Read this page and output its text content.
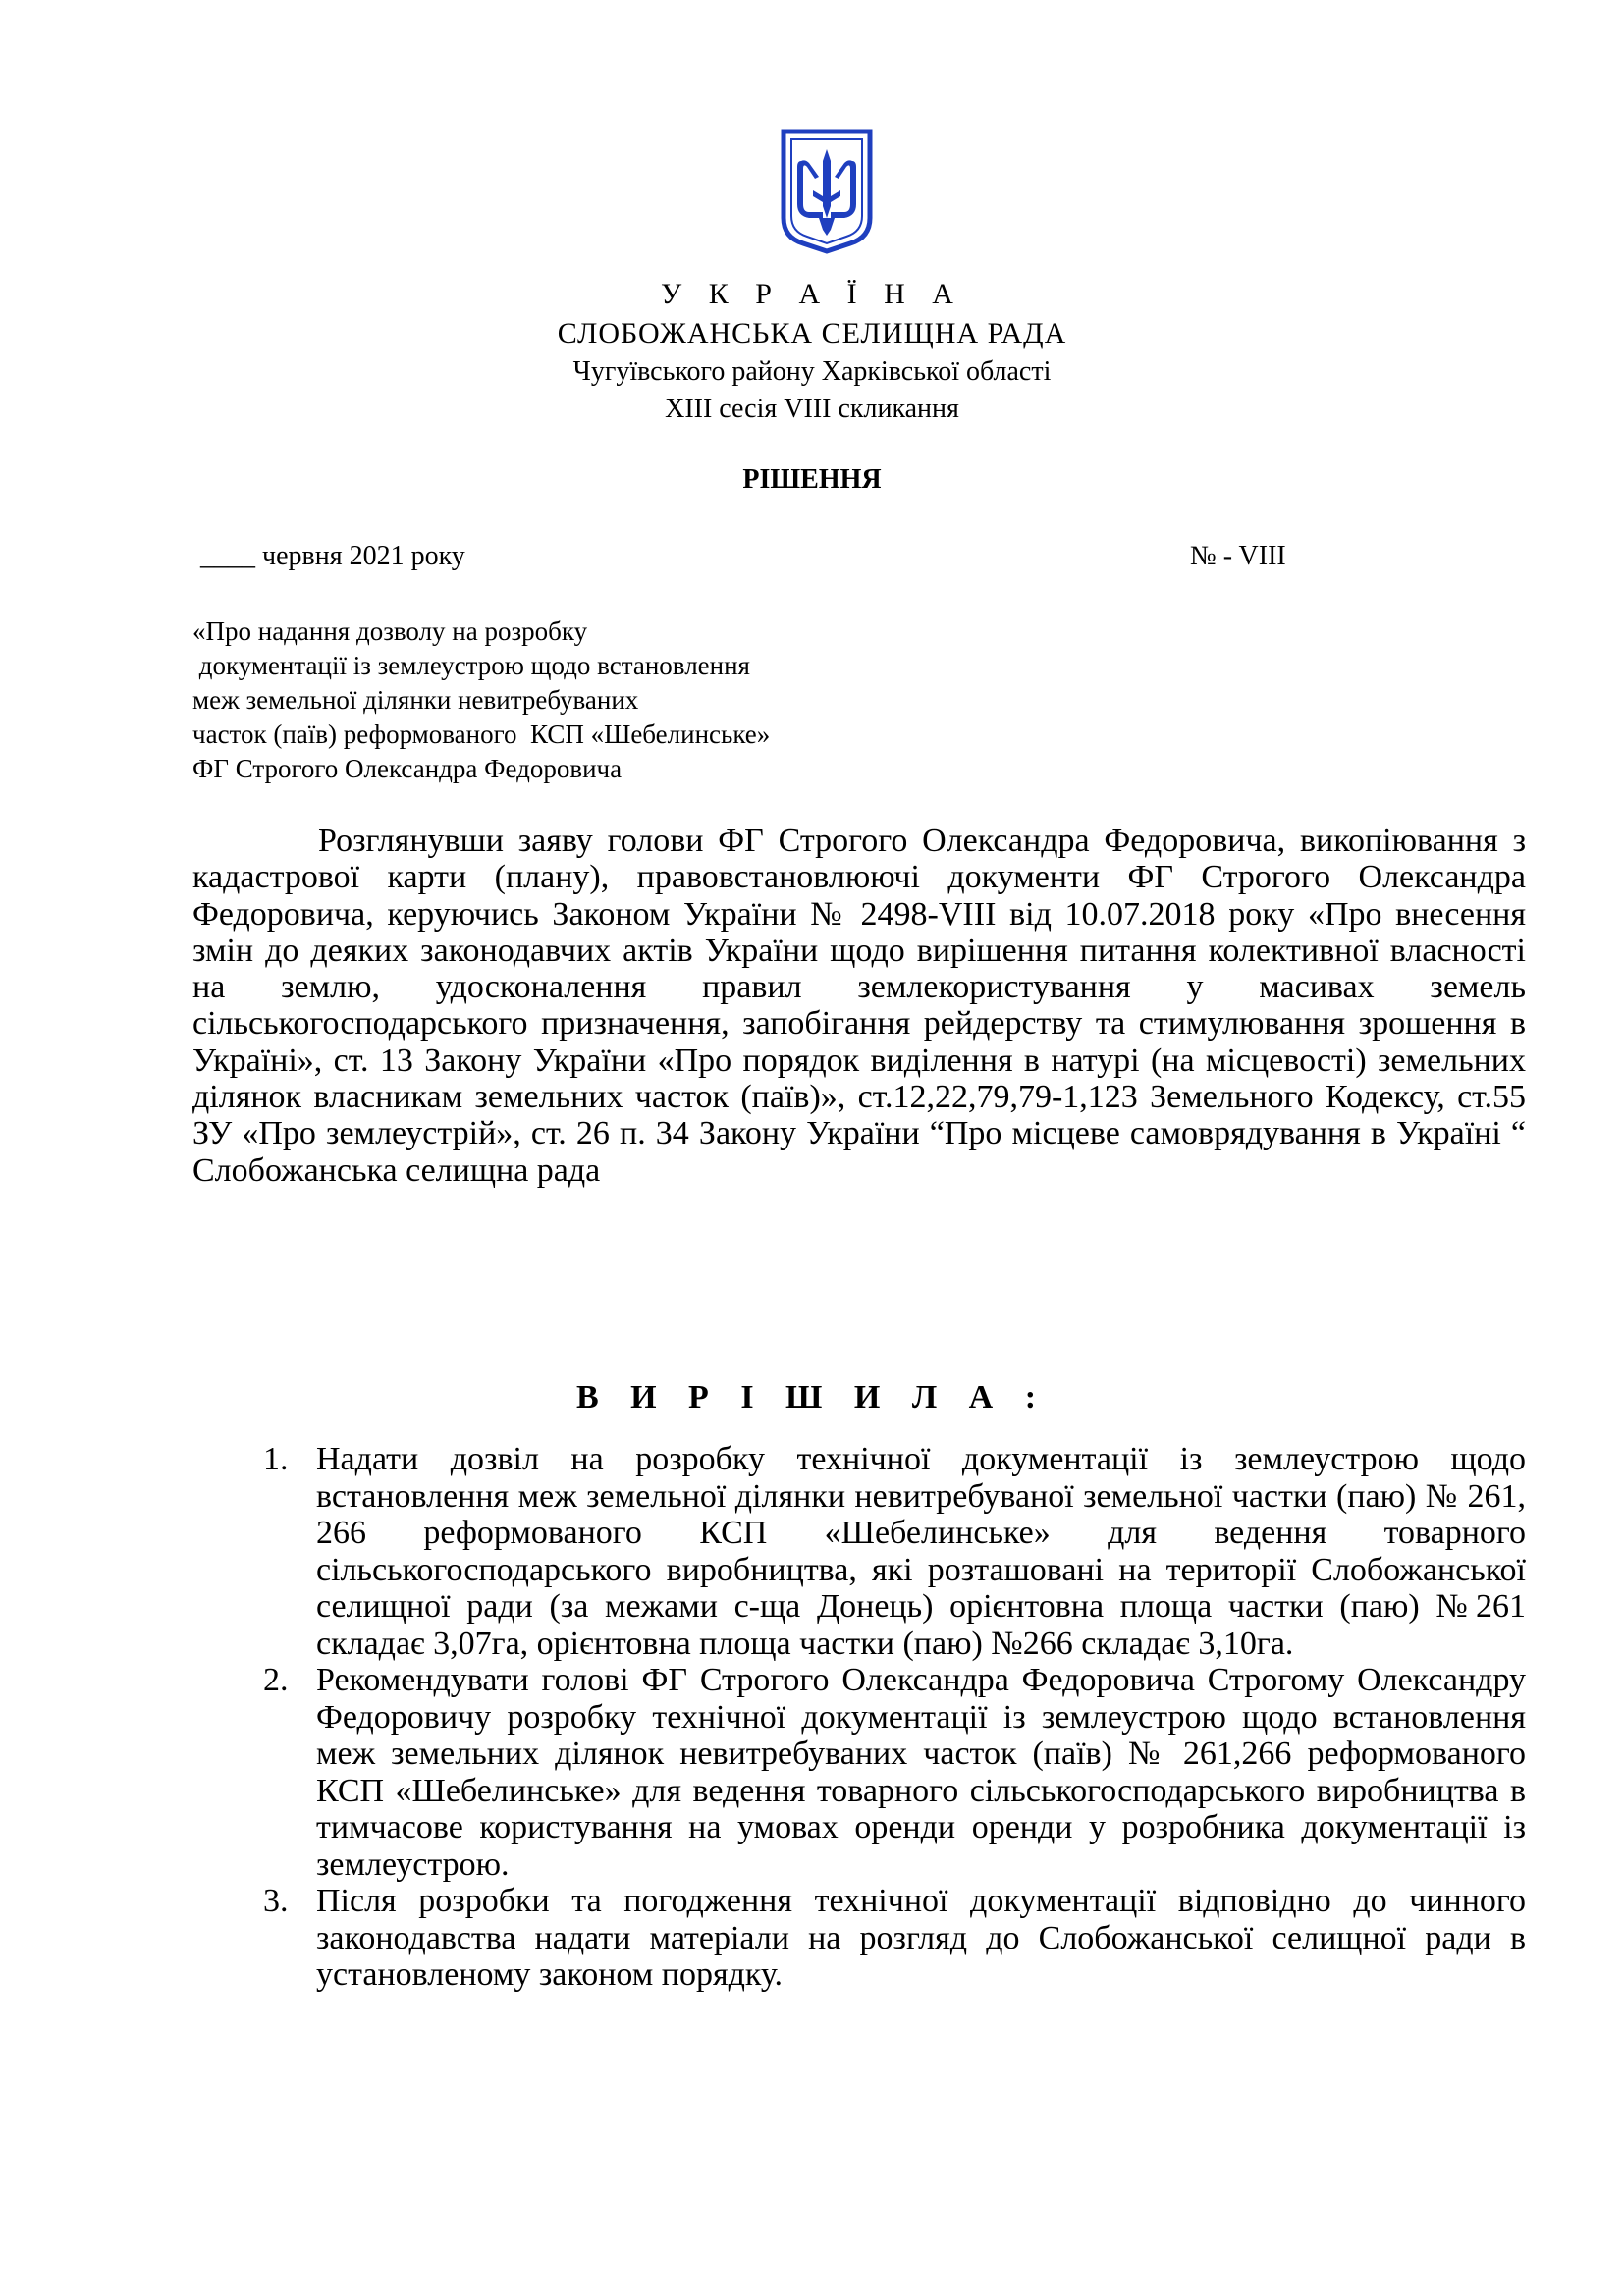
У К Р А Ї Н А
СЛОБОЖАНСЬКА СЕЛИЩНА РАДА
Чугуївського району Харківської області
ХIII сесія VIII скликання
РІШЕННЯ
____ червня 2021 року	№ - VIII
«Про надання дозволу на розробку
документації із землеустрою щодо встановлення
меж земельної ділянки невитребуваних
часток (паїв) реформованого  КСП «Шебелинське»
ФГ Строгого Олександра Федоровича
Розглянувши заяву голови ФГ Строгого Олександра Федоровича, викопіювання з кадастрової карти (плану), правовстановлюючі документи ФГ Строгого Олександра Федоровича, керуючись Законом України № 2498-VIII від 10.07.2018 року «Про внесення змін до деяких законодавчих актів України щодо вирішення питання колективної власності на землю, удосконалення правил землекористування у масивах земель сільськогосподарського призначення, запобігання рейдерству та стимулювання зрошення в Україні», ст. 13 Закону України «Про порядок виділення в натурі (на місцевості) земельних ділянок власникам земельних часток (паїв)», ст.12,22,79,79-1,123 Земельного Кодексу, ст.55 ЗУ «Про землеустрій», ст. 26 п. 34 Закону України “Про місцеве самоврядування в Україні “ Слобожанська селищна рада
В И Р І Ш И Л А :
1. Надати дозвіл на розробку технічної документації із землеустрою щодо встановлення меж земельної ділянки невитребуваної земельної частки (паю) № 261, 266 реформованого КСП «Шебелинське» для ведення товарного сільськогосподарського виробництва, які розташовані на території Слобожанської селищної ради (за межами с-ща Донець) орієнтовна площа частки (паю) №261 складає 3,07га, орієнтовна площа частки (паю) №266 складає 3,10га.
2. Рекомендувати голові ФГ Строгого Олександра Федоровича Строгому Олександру Федоровичу розробку технічної документації із землеустрою щодо встановлення меж земельних ділянок невитребуваних часток (паїв) № 261,266 реформованого КСП «Шебелинське» для ведення товарного сільськогосподарського виробництва в тимчасове користування на умовах оренди оренди у розробника документації із землеустрою.
3. Після розробки та погодження технічної документації відповідно до чинного законодавства надати матеріали на розгляд до Слобожанської селищної ради в установленому законом порядку.
